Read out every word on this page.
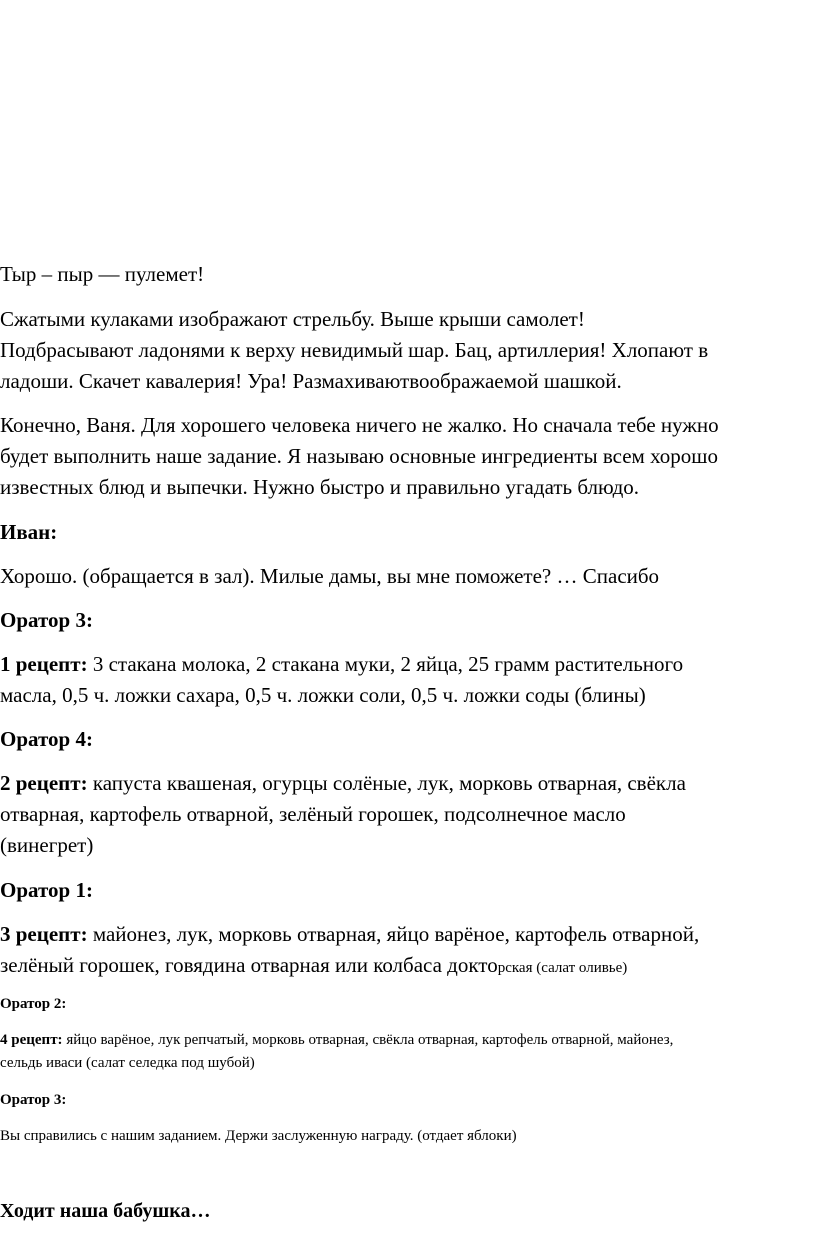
Тыр – пыр –– пулемет!

Сжатыми кулаками изображают стрельбу. Выше крыши самолет!

Подбрасывают ладонями к верху невидимый шар. Бац, артиллерия! Хлопают в

ладоши. Скачет кавалерия! Ура! Размахиваютвоображаемой шашкой.

Конечно, Ваня. Для хорошего человека ничего не жалко. Но сначала тебе нужно

будет выполнить наше задание. Я называю основные ингредиенты всем хорошо

известных блюд и выпечки. Нужно быстро и правильно угадать блюдо.

Иван:

Хорошо. (обращается в зал). Милые дамы, вы мне поможете? … Спасибо

Оратор 3:

1 рецепт: 3 стакана молока, 2 стакана муки, 2 яйца, 25 грамм растительного

масла, 0,5 ч. ложки сахара, 0,5 ч. ложки соли, 0,5 ч. ложки соды (блины)

Оратор 4:

2 рецепт: капуста квашеная, огурцы солёные, лук, морковь отварная, свёкла

отварная, картофель отварной, зелёный горошек, подсолнечное масло

(винегрет)

Оратор 1:

3 рецепт: майонез, лук, морковь отварная, яйцо варёное, картофель отварной,

зелёный горошек, говядина отварная или колбаса докторская (салат оливье)

Оратор 2:

4 рецепт: яйцо варёное, лук репчатый, морковь отварная, свёкла отварная, картофель отварной, майонез,

сельдь иваси (салат селедка под шубой)

Оратор 3:

Вы справились с нашим заданием. Держи заслуженную награду. (отдает яблоки)

Ходит наша бабушка…
